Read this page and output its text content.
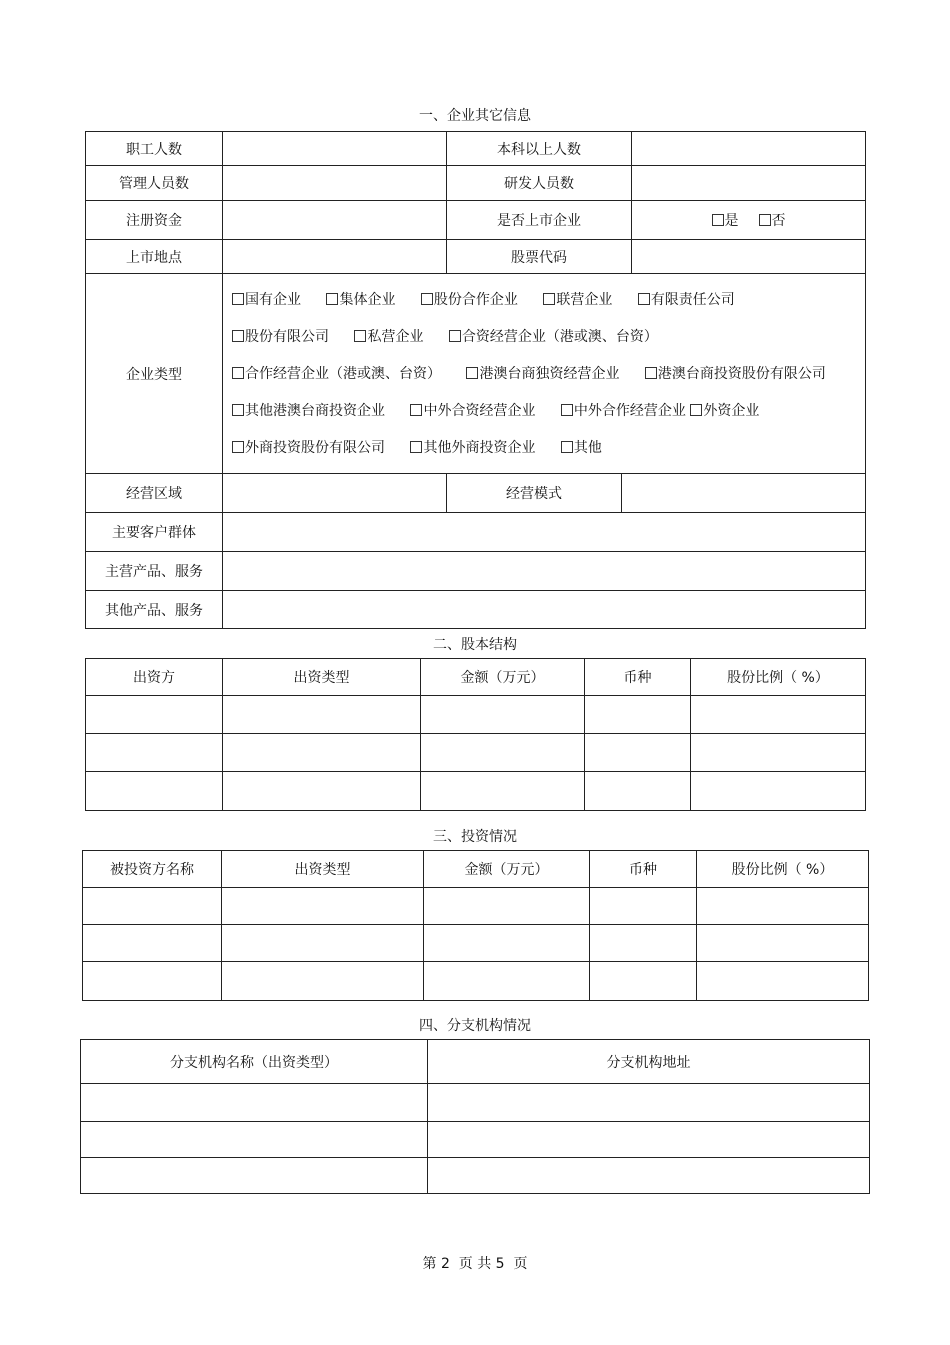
一、企业其它信息
职工人数		本科以上人数		
管理人员数		研发人员数		
注册资金		是否上市企业		是 否
上市地点		股票代码		
企业类型	国有企业   集体企业   股份合作企业   联营企业   有限责任公司   股份有限公司   私营企业   合资经营企业（港或澳、台资）   合作经营企业（港或澳、台资）   港澳台商独资经营企业   港澳台商投资股份有限公司   其他港澳台商投资企业   中外合资经营企业   中外合作经营企业 外资企业   外商投资股份有限公司   其他外商投资企业   其他			
经营区域		经营模式		
主要客户群体				
主营产品、服务				
其他产品、服务				
二、股本结构
出资方	出资类型	金额（万元）	币种	股份比例（ %）

三、投资情况
被投资方名称	出资类型	金额（万元）	币种	股份比例（ %）

四、分支机构情况
分支机构名称（出资类型）	分支机构地址

第 2 页 共 5 页
